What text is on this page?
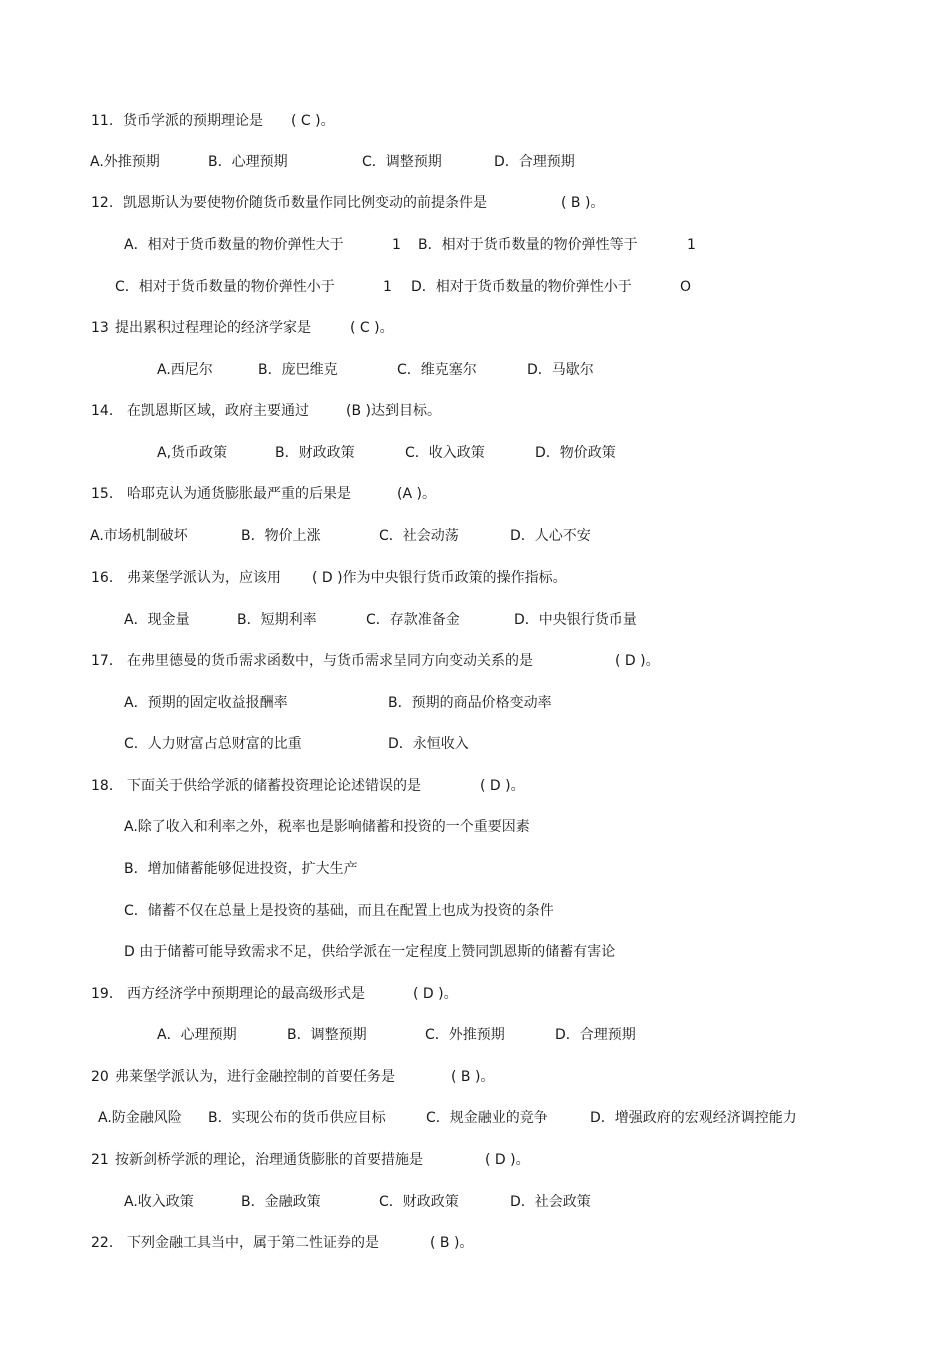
11. 货币学派的预期理论是 ( C )。
A.外推预期	B．心理预期	C．调整预期	D．合理预期
12. 凯恩斯认为要使物价随货币数量作同比例变动的前提条件是	( B )。
A．相对于货币数量的物价弹性大于	1 B．相对于货币数量的物价弹性等于	1
C．相对于货币数量的物价弹性小于	1 D．相对于货币数量的物价弹性小于	O
13 提出累积过程理论的经济学家是	( C )。
A.西尼尔	B．庞巴维克	C．维克塞尔	D．马歇尔
14． 在凯恩斯区域，政府主要通过	(B )达到目标。
A,货币政策	B．财政政策	C．收入政策	D．物价政策
15． 哈耶克认为通货膨胀最严重的后果是	(A )。
A.市场机制破坏	B．物价上涨	C．社会动荡	D．人心不安
16． 弗莱堡学派认为，应该用 ( D )作为中央银行货币政策的操作指标。
A．现金量	B．短期利率	C．存款准备金	D．中央银行货币量
17． 在弗里德曼的货币需求函数中，与货币需求呈同方向变动关系的是	( D )。
A．预期的固定收益报酬率	B．预期的商品价格变动率
C．人力财富占总财富的比重	D．永恒收入
18． 下面关于供给学派的储蓄投资理论论述错误的是	( D )。
A.除了收入和利率之外，税率也是影响储蓄和投资的一个重要因素
B．增加储蓄能够促进投资，扩大生产
C．储蓄不仅在总量上是投资的基础，而且在配置上也成为投资的条件
D 由于储蓄可能导致需求不足，供给学派在一定程度上赞同凯恩斯的储蓄有害论
19． 西方经济学中预期理论的最高级形式是	( D )。
A．心理预期	B．调整预期	C．外推预期	D．合理预期
20 弗莱堡学派认为，进行金融控制的首要任务是	( B )。
A.防金融风险 B．实现公布的货币供应目标	C．规金融业的竞争	D．增强政府的宏观经济调控能力
21 按新剑桥学派的理论，治理通货膨胀的首要措施是	( D )。
A.收入政策	B．金融政策	C．财政政策	D．社会政策
22． 下列金融工具当中，属于第二性证券的是	( B )。
